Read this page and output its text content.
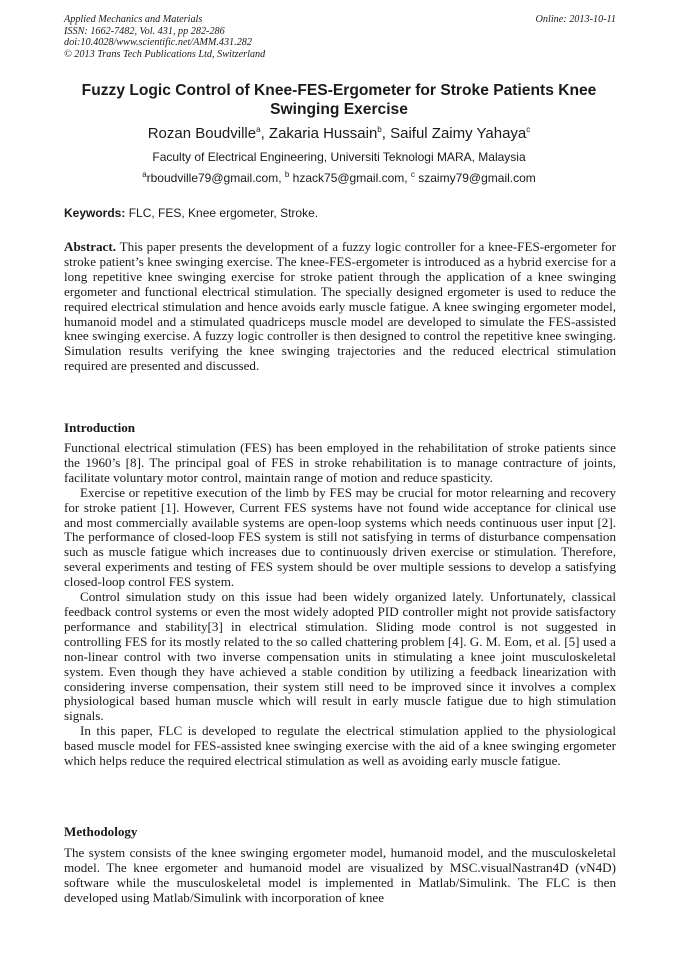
Applied Mechanics and Materials
ISSN: 1662-7482, Vol. 431, pp 282-286
doi:10.4028/www.scientific.net/AMM.431.282
© 2013 Trans Tech Publications Ltd, Switzerland
Online: 2013-10-11
Fuzzy Logic Control of Knee-FES-Ergometer for Stroke Patients Knee Swinging Exercise
Rozan Boudville$^a$, Zakaria Hussain$^b$, Saiful Zaimy Yahaya$^c$
Faculty of Electrical Engineering, Universiti Teknologi MARA, Malaysia
$^a$rboudville79@gmail.com, $^b$ hzack75@gmail.com, $^c$ szaimy79@gmail.com
Keywords: FLC, FES, Knee ergometer, Stroke.

Abstract. This paper presents the development of a fuzzy logic controller for a knee-FES-ergometer for stroke patient’s knee swinging exercise. The knee-FES-ergometer is introduced as a hybrid exercise for a long repetitive knee swinging exercise for stroke patient through the application of a knee swinging ergometer and functional electrical stimulation. The specially designed ergometer is used to reduce the required electrical stimulation and hence avoids early muscle fatigue. A knee swinging ergometer model, humanoid model and a stimulated quadriceps muscle model are developed to simulate the FES-assisted knee swinging exercise. A fuzzy logic controller is then designed to control the repetitive knee swinging. Simulation results verifying the knee swinging trajectories and the reduced electrical stimulation required are presented and discussed.

Introduction

Functional electrical stimulation (FES) has been employed in the rehabilitation of stroke patients since the 1960’s [8]. The principal goal of FES in stroke rehabilitation is to manage contracture of joints, facilitate voluntary motor control, maintain range of motion and reduce spasticity.

Exercise or repetitive execution of the limb by FES may be crucial for motor relearning and recovery for stroke patient [1]. However, Current FES systems have not found wide acceptance for clinical use and most commercially available systems are open-loop systems which needs continuous user input [2]. The performance of closed-loop FES system is still not satisfying in terms of disturbance compensation such as muscle fatigue which increases due to continuously driven exercise or stimulation. Therefore, several experiments and testing of FES system should be over multiple sessions to develop a satisfying closed-loop control FES system.

Control simulation study on this issue had been widely organized lately. Unfortunately, classical feedback control systems or even the most widely adopted PID controller might not provide satisfactory performance and stability[3] in electrical stimulation. Sliding mode control is not suggested in controlling FES for its mostly related to the so called chattering problem [4]. G. M. Eom, et al. [5] used a non-linear control with two inverse compensation units in stimulating a knee joint musculoskeletal system. Even though they have achieved a stable condition by utilizing a feedback linearization with considering inverse compensation, their system still need to be improved since it involves a complex physiological based human muscle which will result in early muscle fatigue due to high stimulation signals.

In this paper, FLC is developed to regulate the electrical stimulation applied to the physiological based muscle model for FES-assisted knee swinging exercise with the aid of a knee swinging ergometer which helps reduce the required electrical stimulation as well as avoiding early muscle fatigue.

Methodology

The system consists of the knee swinging ergometer model, humanoid model, and the musculoskeletal model. The knee ergometer and humanoid model are visualized by MSC.visualNastran4D (vN4D) software while the musculoskeletal model is implemented in Matlab/Simulink. The FLC is then developed using Matlab/Simulink with incorporation of knee
